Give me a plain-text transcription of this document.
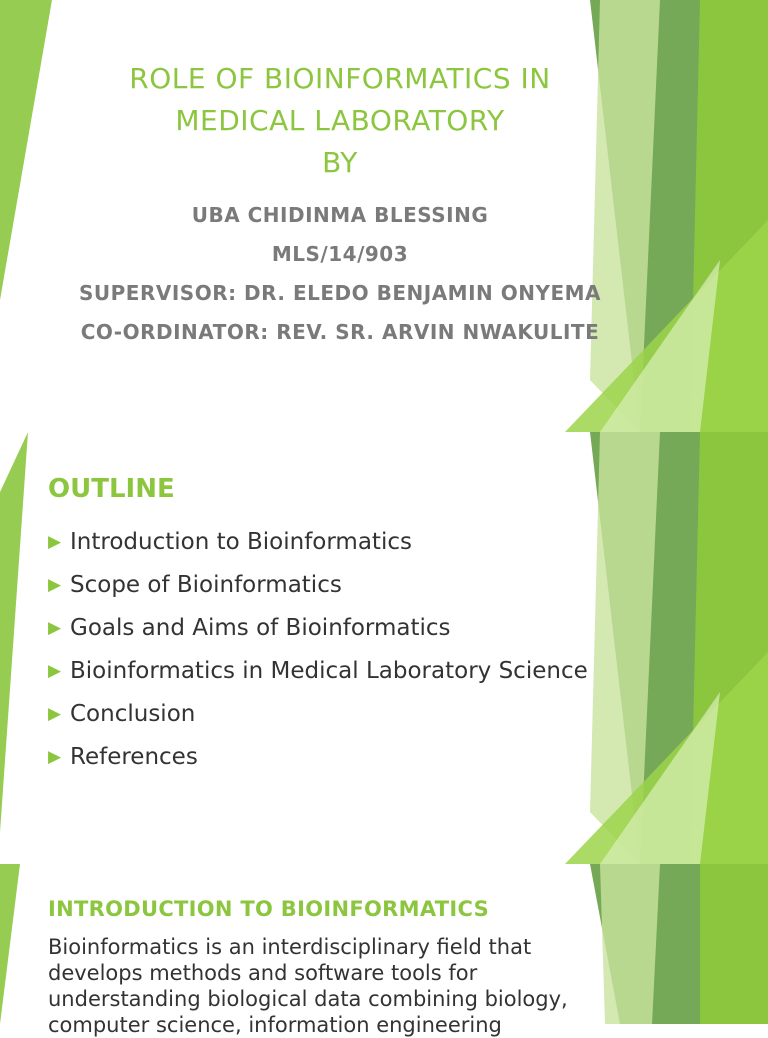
ROLE OF BIOINFORMATICS IN
MEDICAL LABORATORY
BY
UBA CHIDINMA BLESSING
MLS/14/903
SUPERVISOR: DR. ELEDO BENJAMIN ONYEMA
CO-ORDINATOR: REV. SR. ARVIN NWAKULITE
OUTLINE
▶ Introduction to Bioinformatics
▶ Scope of Bioinformatics
▶ Goals and Aims of Bioinformatics
▶ Bioinformatics in Medical Laboratory Science
▶ Conclusion
▶ References
INTRODUCTION TO BIOINFORMATICS
Bioinformatics is an interdisciplinary field that develops methods and software tools for understanding biological data combining biology, computer science, information engineering
